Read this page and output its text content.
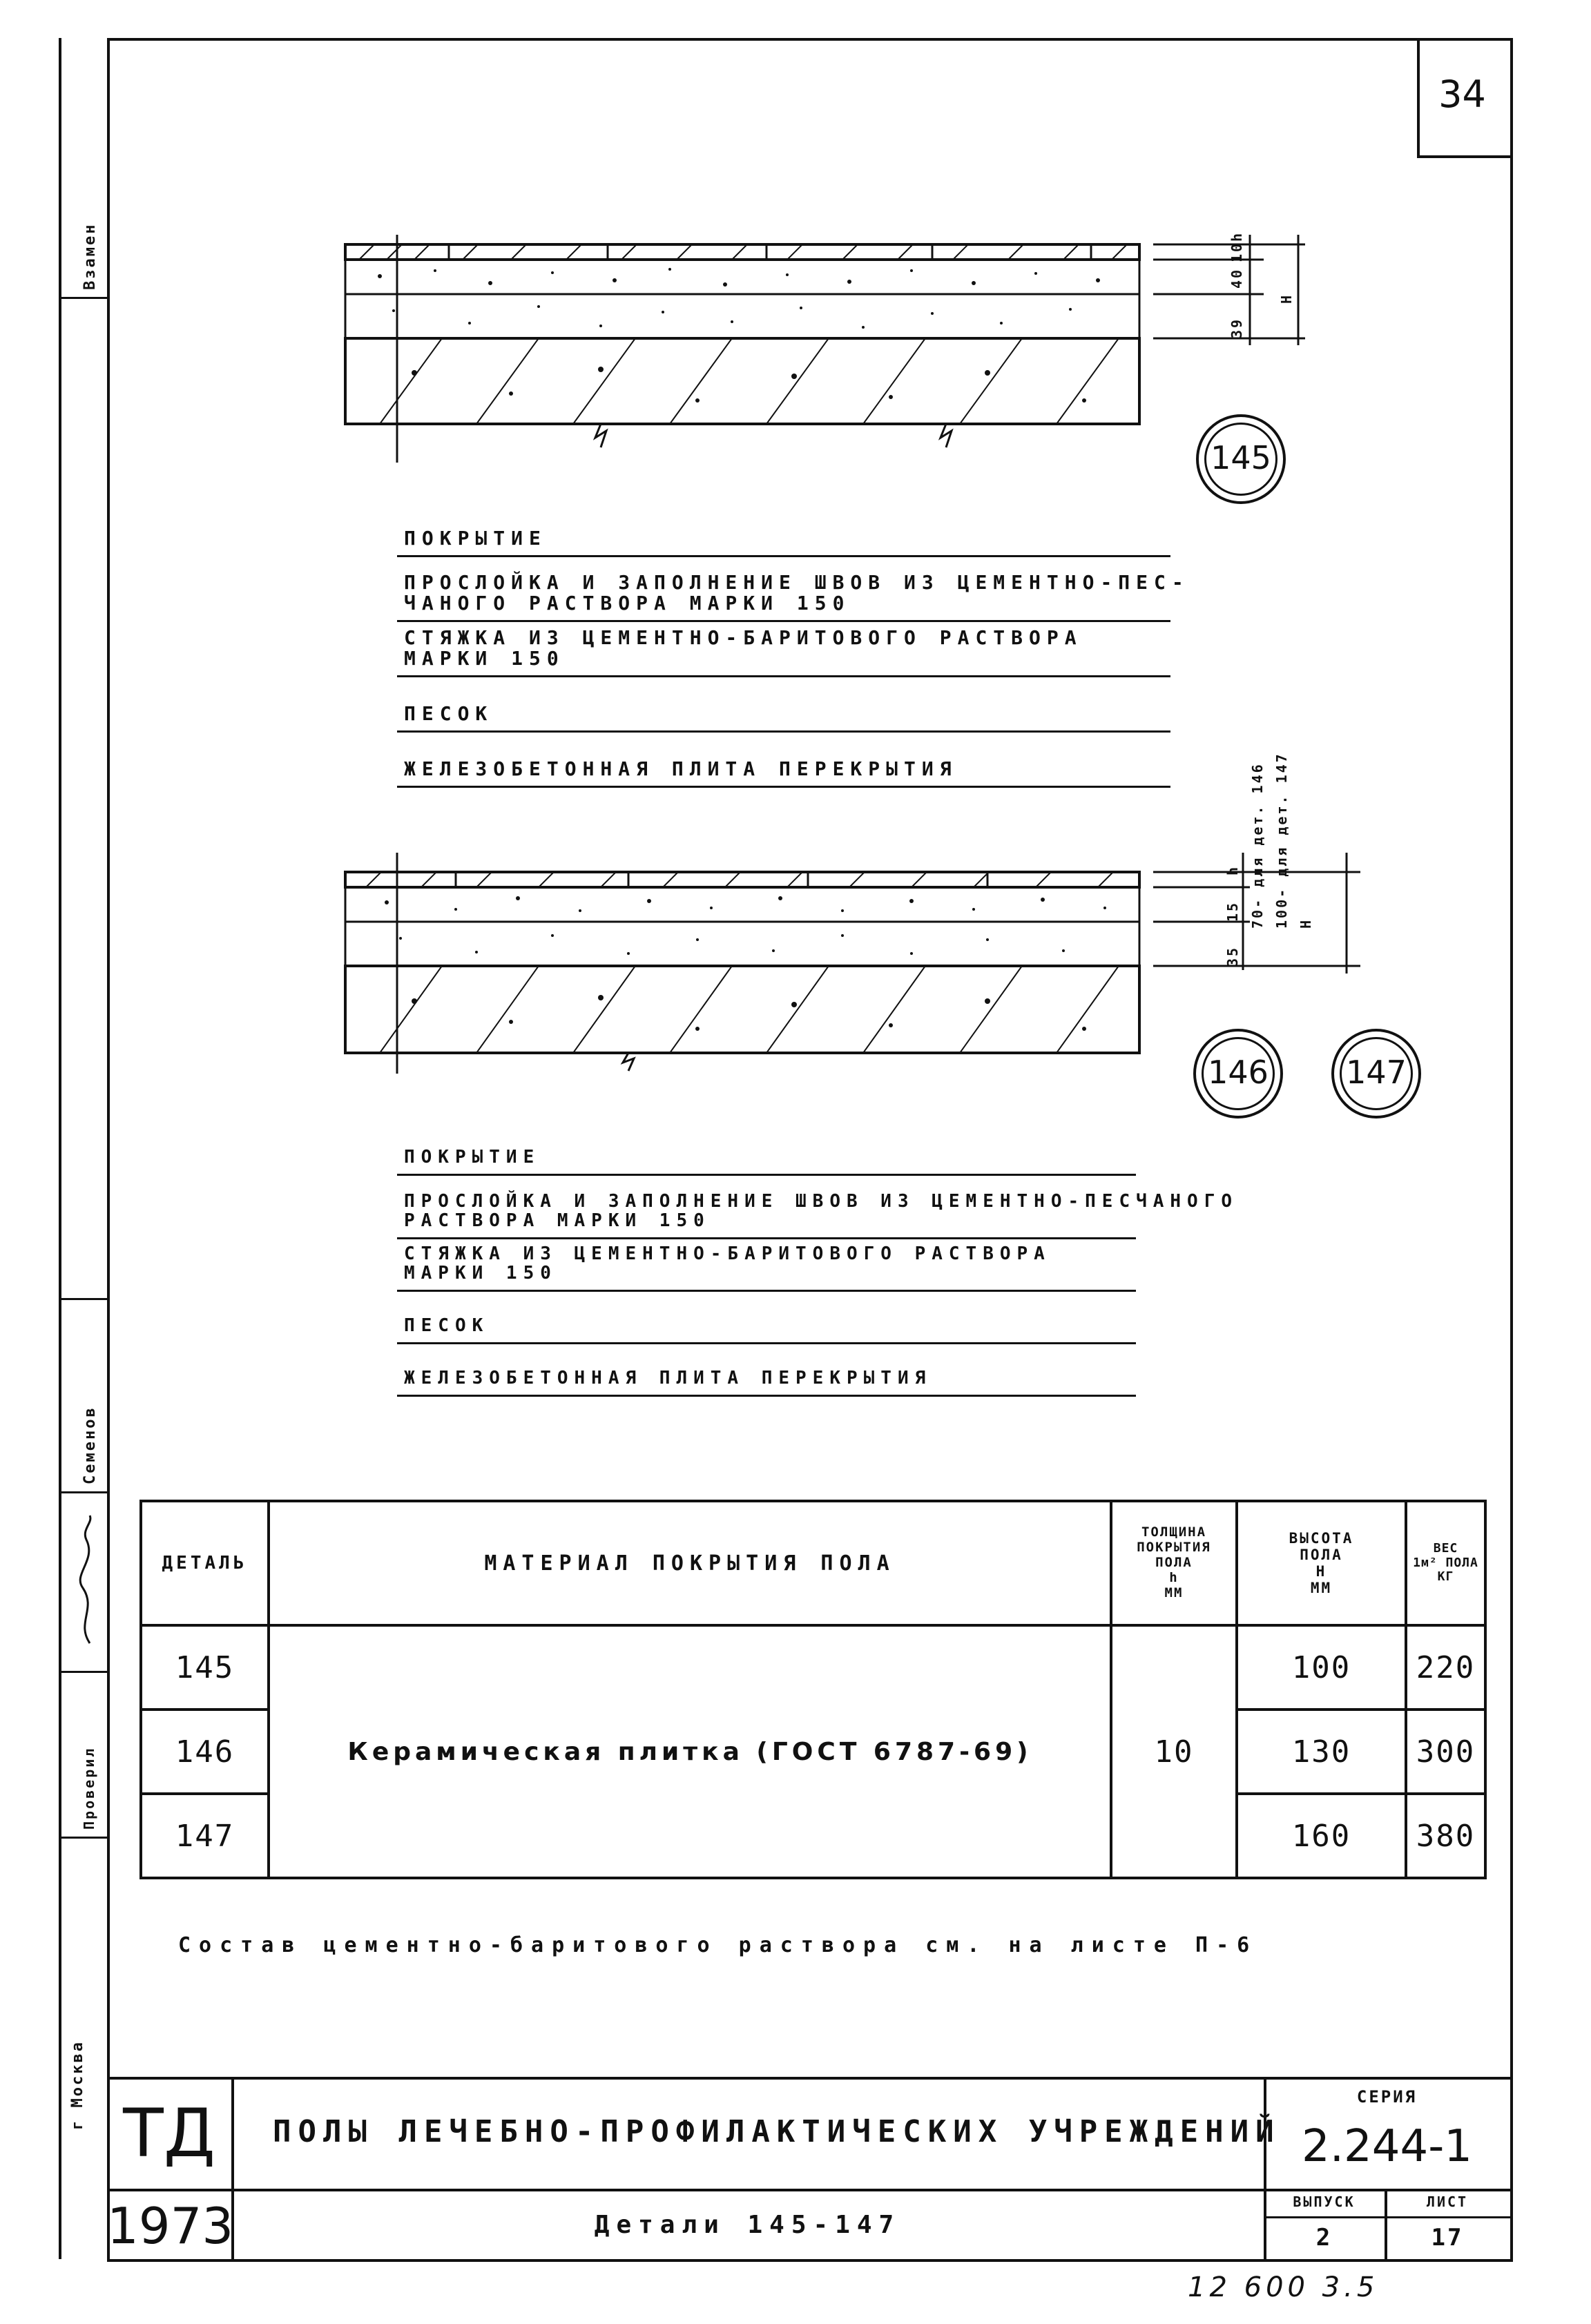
Взамен
Семенов
Проверил
г Москва
34
10
40
39
h
H
145
ПОКРЫТИЕ
ПРОСЛОЙКА И ЗАПОЛНЕНИЕ ШВОВ ИЗ ЦЕМЕНТНО-ПЕС-
ЧАНОГО РАСТВОРА МАРКИ 150
СТЯЖКА ИЗ ЦЕМЕНТНО-БАРИТОВОГО РАСТВОРА МАРКИ 150
ПЕСОК
ЖЕЛЕЗОБЕТОННАЯ ПЛИТА ПЕРЕКРЫТИЯ
h
15
35
70- для дет. 146 100- для дет. 147 H
146	147
ПОКРЫТИЕ
ПРОСЛОЙКА И ЗАПОЛНЕНИЕ ШВОВ ИЗ ЦЕМЕНТНО-ПЕСЧАНОГО
РАСТВОРА МАРКИ 150
СТЯЖКА ИЗ ЦЕМЕНТНО-БАРИТОВОГО РАСТВОРА МАРКИ 150
ПЕСОК
ЖЕЛЕЗОБЕТОННАЯ ПЛИТА ПЕРЕКРЫТИЯ
ДЕТАЛЬ	МАТЕРИАЛ ПОКРЫТИЯ ПОЛА	ТОЛЩИНА
ПОКРЫТИЯ
ПОЛА
h
ММ	ВЫСОТА
ПОЛА
H
ММ	ВЕС
1м² ПОЛА
КГ
145	Керамическая плитка (ГОСТ 6787-69)	10	100	220
146			130	300
147			160	380
Состав цементно-баритового раствора см. на листе П-6
ТД
1973
ПОЛЫ ЛЕЧЕБНО-ПРОФИЛАКТИЧЕСКИХ УЧРЕЖДЕНИЙ
Детали 145-147
СЕРИЯ
2.244-1
ВЫПУСК
2
ЛИСТ
17
12 600 3.5
